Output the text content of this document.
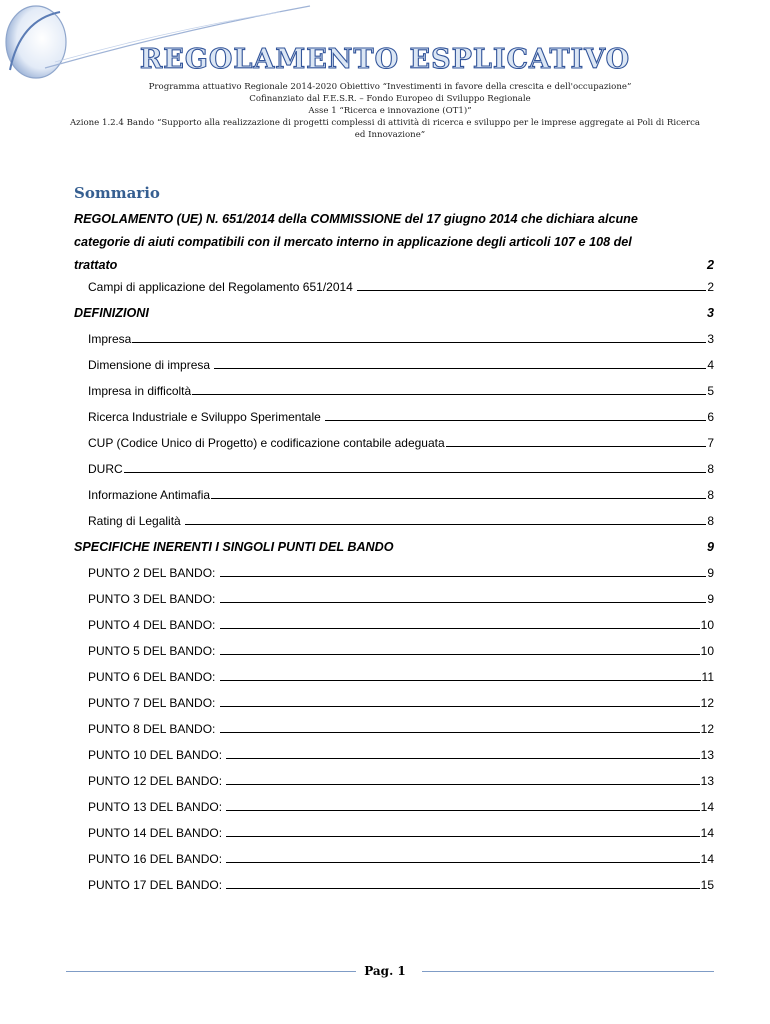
REGOLAMENTO ESPLICATIVO
Programma attuativo Regionale 2014-2020 Obiettivo “Investimenti in favore della crescita e dell'occupazione”
Cofinanziato dal F.E.S.R. – Fondo Europeo di Sviluppo Regionale
Asse 1 “Ricerca e innovazione (OT1)”
Azione 1.2.4 Bando “Supporto alla realizzazione di progetti complessi di attività di ricerca e sviluppo per le imprese aggregate ai Poli di Ricerca
ed Innovazione”
Sommario
REGOLAMENTO (UE) N. 651/2014 della COMMISSIONE del 17 giugno 2014 che dichiara alcune
categorie di aiuti compatibili con il mercato interno in applicazione degli articoli 107 e 108 del
trattato	2
Campi di applicazione del Regolamento 651/2014	2
DEFINIZIONI	3
Impresa	3
Dimensione di impresa	4
Impresa in difficoltà	5
Ricerca Industriale e Sviluppo Sperimentale	6
CUP (Codice Unico di Progetto) e codificazione contabile adeguata	7
DURC	8
Informazione Antimafia	8
Rating di Legalità	8
SPECIFICHE INERENTI I SINGOLI PUNTI DEL BANDO	9
PUNTO 2 DEL BANDO:	9
PUNTO 3 DEL BANDO:	9
PUNTO 4 DEL BANDO:	10
PUNTO 5 DEL BANDO:	10
PUNTO 6 DEL BANDO:	11
PUNTO 7 DEL BANDO:	12
PUNTO 8 DEL BANDO:	12
PUNTO 10 DEL BANDO:	13
PUNTO 12 DEL BANDO:	13
PUNTO 13 DEL BANDO:	14
PUNTO 14 DEL BANDO:	14
PUNTO 16 DEL BANDO:	14
PUNTO 17 DEL BANDO:	15
Pag. 1
